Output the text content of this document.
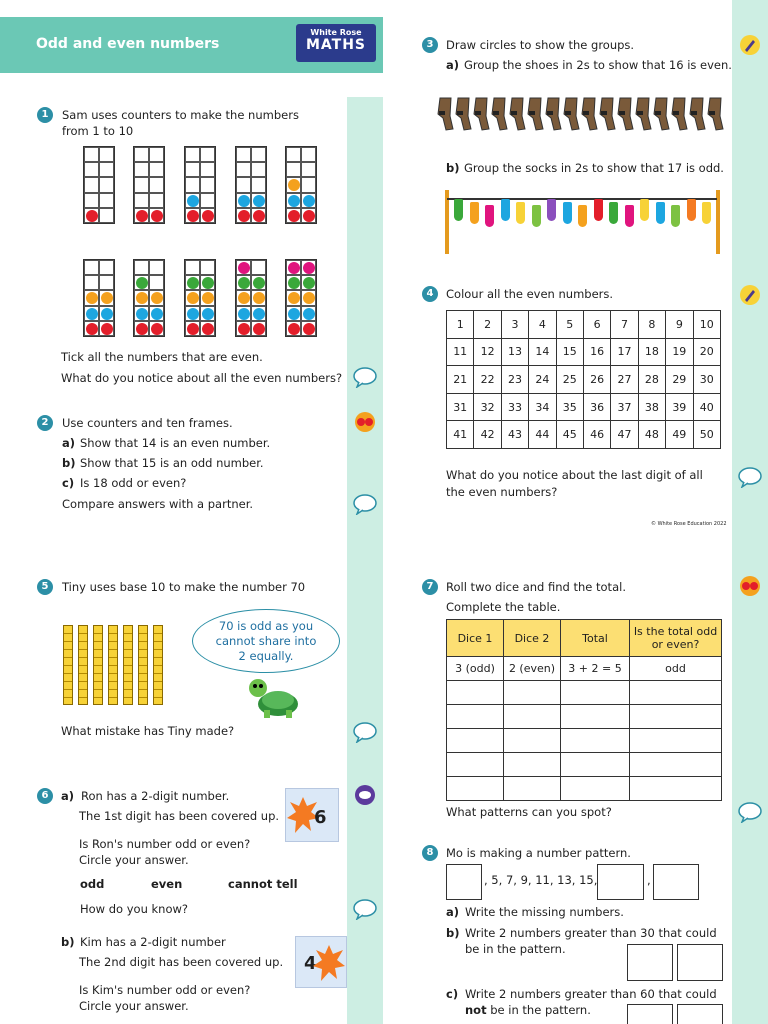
Odd and even numbers
White Rose
MATHS
1	Sam uses counters to make the numbers
from 1 to 10
Tick all the numbers that are even.
What do you notice about all the even numbers?
2	Use counters and ten frames.
a) Show that 14 is an even number.
b) Show that 15 is an odd number.
c) Is 18 odd or even?
Compare answers with a partner.
3	Draw circles to show the groups.
a) Group the shoes in 2s to show that 16 is even.
b) Group the socks in 2s to show that 17 is odd.
4	Colour all the even numbers.
1	2	3	4	5	6	7	8	9	10
11	12	13	14	15	16	17	18	19	20
21	22	23	24	25	26	27	28	29	30
31	32	33	34	35	36	37	38	39	40
41	42	43	44	45	46	47	48	49	50
What do you notice about the last digit of all
the even numbers?
© White Rose Education 2022
5	Tiny uses base 10 to make the number 70
70 is odd as you
cannot share into
2 equally.
What mistake has Tiny made?
6	a) Ron has a 2-digit number.
The 1st digit has been covered up. 6
Is Ron's number odd or even?
Circle your answer.
odd	even	cannot tell
How do you know?
b) Kim has a 2-digit number
The 2nd digit has been covered up. 4
Is Kim's number odd or even?
Circle your answer.
7	Roll two dice and find the total.
Complete the table.
Dice 1	Dice 2	Total	Is the total odd or even?
3 (odd)	2 (even)	3 + 2 = 5	odd

What patterns can you spot?
8	Mo is making a number pattern.
, 5, 7, 9, 11, 13, 15,	,
a) Write the missing numbers.
b) Write 2 numbers greater than 30 that could
be in the pattern.
c) Write 2 numbers greater than 60 that could
not be in the pattern.
